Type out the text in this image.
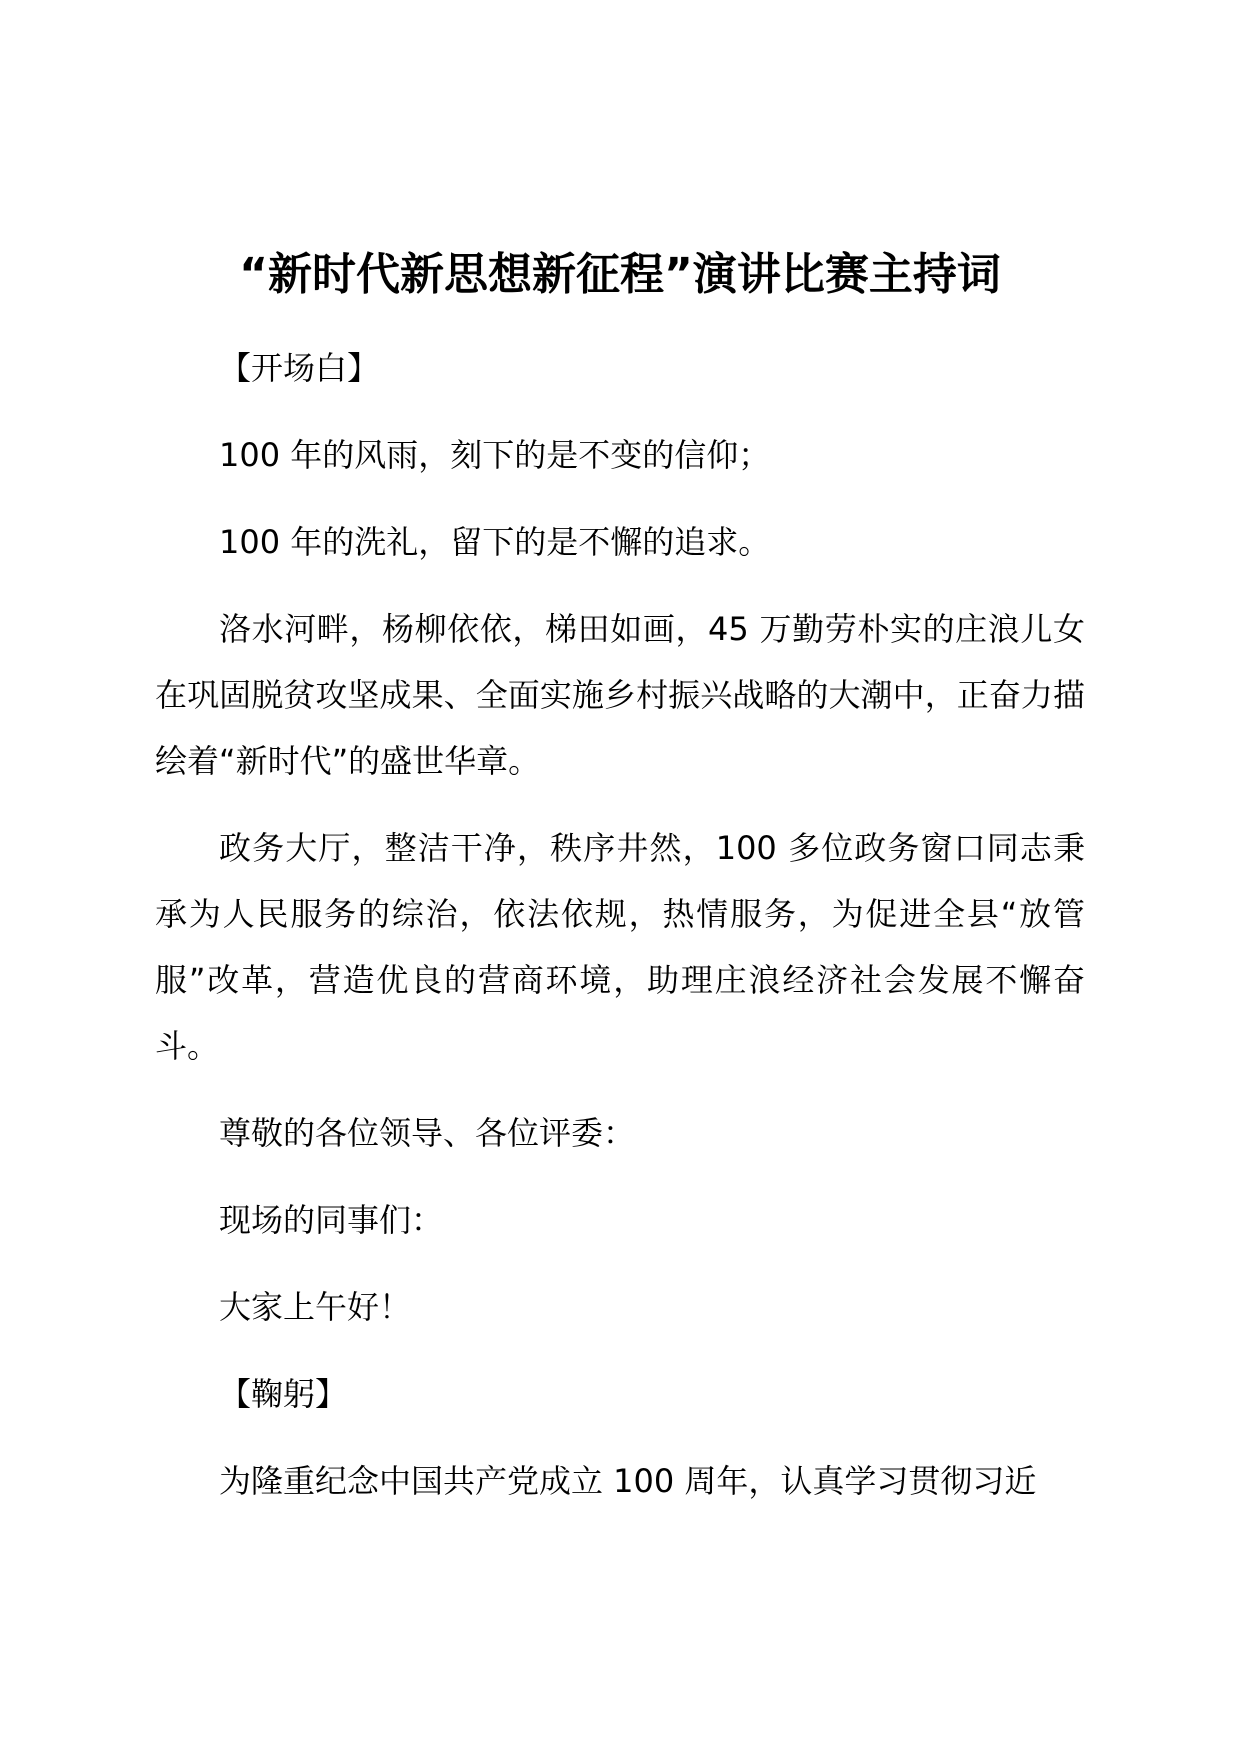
“新时代新思想新征程”演讲比赛主持词

【开场白】

100 年的风雨，刻下的是不变的信仰；

100 年的洗礼，留下的是不懈的追求。

洛水河畔，杨柳依依，梯田如画，45 万勤劳朴实的庄浪儿女在巩固脱贫攻坚成果、全面实施乡村振兴战略的大潮中，正奋力描绘着“新时代”的盛世华章。

政务大厅，整洁干净，秩序井然，100 多位政务窗口同志秉承为人民服务的综治，依法依规，热情服务，为促进全县“放管服”改革，营造优良的营商环境，助理庄浪经济社会发展不懈奋斗。

尊敬的各位领导、各位评委：

现场的同事们：

大家上午好！

【鞠躬】

为隆重纪念中国共产党成立 100 周年，认真学习贯彻习近
